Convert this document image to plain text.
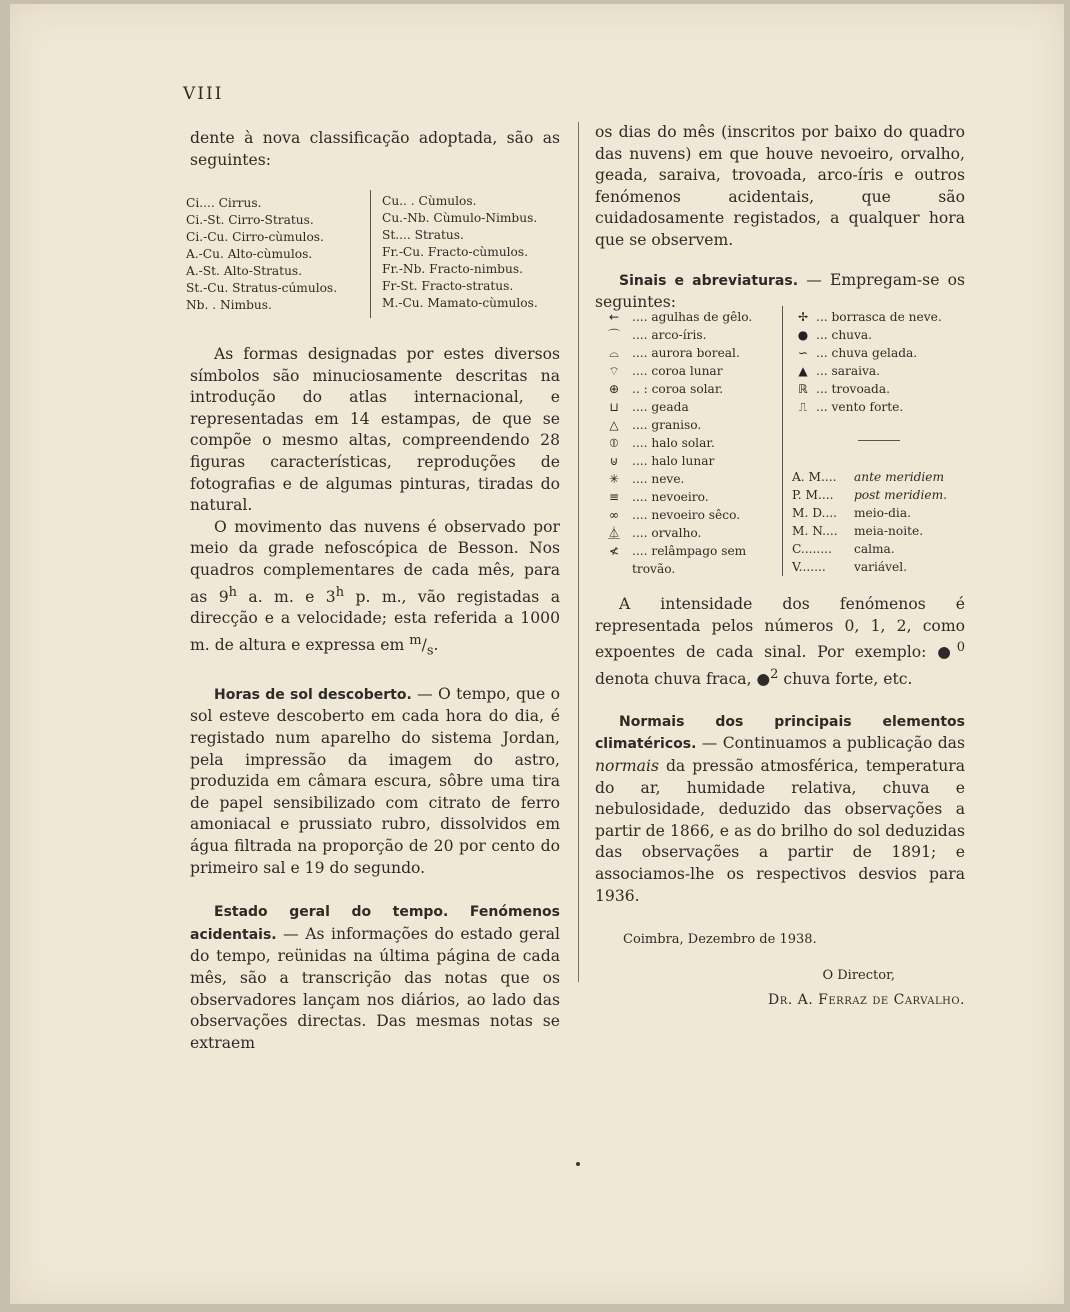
VIII

dente à nova classificação adoptada, são as seguintes:

Ci.... Cirrus.
Ci.-St. Cirro-Stratus.
Ci.-Cu. Cirro-cùmulos.
A.-Cu. Alto-cùmulos.
A.-St. Alto-Stratus.
St.-Cu. Stratus-cúmulos.
Nb. . Nimbus.
Cu.. . Cùmulos.
Cu.-Nb. Cùmulo-Nimbus.
St.... Stratus.
Fr.-Cu. Fracto-cùmulos.
Fr.-Nb. Fracto-nimbus.
Fr-St. Fracto-stratus.
M.-Cu. Mamato-cùmulos.

As formas designadas por estes diversos símbolos são minuciosamente descritas na introdução do atlas internacional, e representadas em 14 estampas, de que se compõe o mesmo altas, compreendendo 28 figuras características, reproduções de fotografias e de algumas pinturas, tiradas do natural.

O movimento das nuvens é observado por meio da grade nefoscópica de Besson. Nos quadros complementares de cada mês, para as 9$^h$ a. m. e 3$^h$ p. m., vão registadas a direcção e a velocidade; esta referida a 1000 m. de altura e expressa em $^m/_s$.

Horas de sol descoberto. — O tempo, que o sol esteve descoberto em cada hora do dia, é registado num aparelho do sistema Jordan, pela impressão da imagem do astro, produzida em câmara escura, sôbre uma tira de papel sensibilizado com citrato de ferro amoniacal e prussiato rubro, dissolvidos em água filtrada na proporção de 20 por cento do primeiro sal e 19 do segundo.

Estado geral do tempo. Fenómenos acidentais. — As informações do estado geral do tempo, reünidas na última página de cada mês, são a transcrição das notas que os observadores lançam nos diários, ao lado das observações directas. Das mesmas notas se extraem

os dias do mês (inscritos por baixo do quadro das nuvens) em que houve nevoeiro, orvalho, geada, saraiva, trovoada, arco-íris e outros fenómenos acidentais, que são cuidadosamente registados, a qualquer hora que se observem.

Sinais e abreviaturas. — Empregam-se os seguintes:

←	.... agulhas de gêlo.
⌒ .... arco-íris.
⌓	.... aurora boreal.
⌔	.... coroa lunar
⊕	.. : coroa solar.
⊔	.... geada
△	.... graniso.
⦶	.... halo solar.
⊍	.... halo lunar
✳	.... neve.
≡	.... nevoeiro.
∞	.... nevoeiro sêco.
⏅ .... orvalho.
≮	.... relâmpago sem
trovão.
✢ ... borrasca de neve.
● ... chuva.
∽ ... chuva gelada.
▲ ... saraiva.
ℝ ... trovoada.
⎍ ... vento forte.
A. M.... ante meridiem
P. M.... post meridiem.
M. D.... meio-dia.
M. N.... meia-noite.
C........ calma.
V....... variável.

A intensidade dos fenómenos é representada pelos números 0, 1, 2, como expoentes de cada sinal. Por exemplo: ●$^0$ denota chuva fraca, ●$^2$ chuva forte, etc.

Normais dos principais elementos climatéricos. — Continuamos a publicação das normais da pressão atmosférica, temperatura do ar, humidade relativa, chuva e nebulosidade, deduzido das observações a partir de 1866, e as do brilho do sol deduzidas das observações a partir de 1891; e associamos-lhe os respectivos desvios para 1936.

Coimbra, Dezembro de 1938.

O Director,

Dr. A. Ferraz de Carvalho.
